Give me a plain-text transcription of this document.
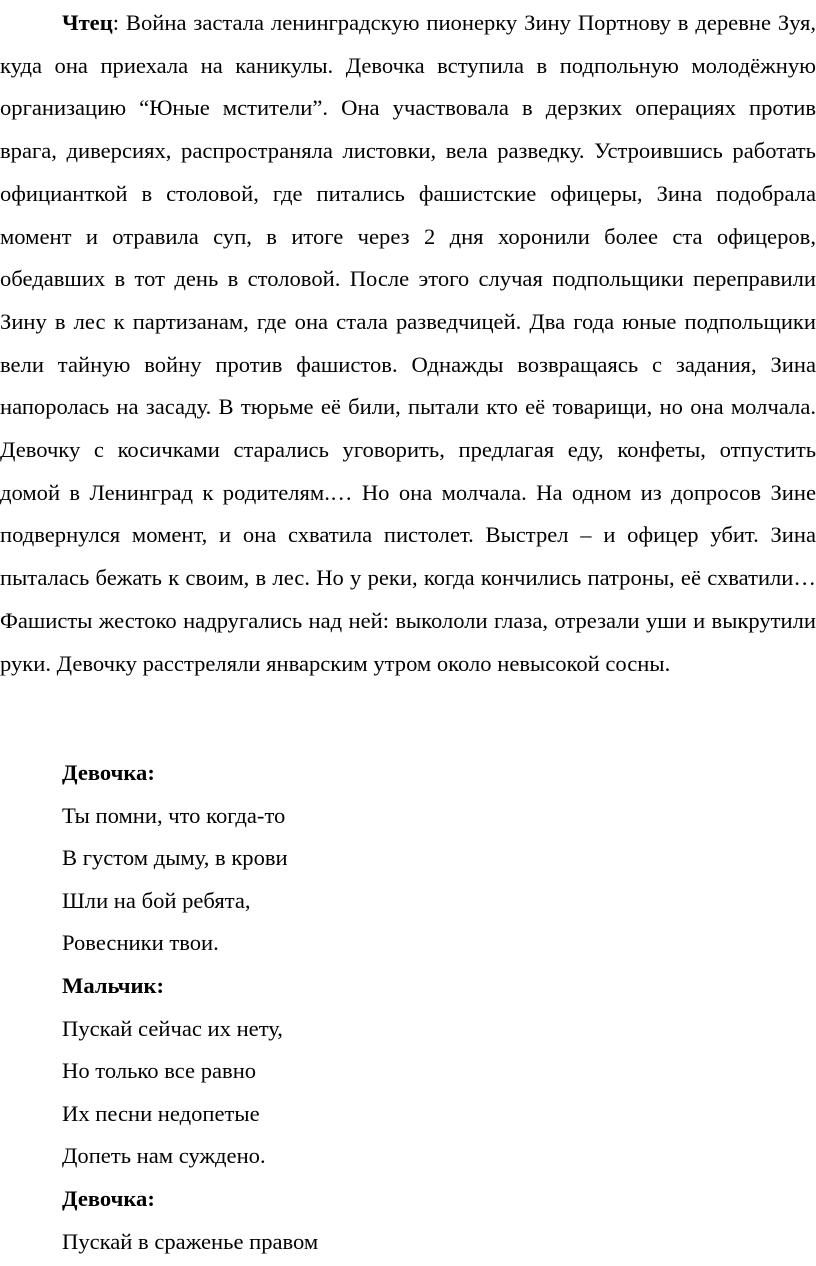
Чтец: Война застала ленинградскую пионерку Зину Портнову в деревне Зуя, куда она приехала на каникулы. Девочка вступила в подпольную молодёжную организацию “Юные мстители”. Она участвовала в дерзких операциях против врага, диверсиях, распространяла листовки, вела разведку. Устроившись работать официанткой в столовой, где питались фашистские офицеры, Зина подобрала момент и отравила суп, в итоге через 2 дня хоронили более ста офицеров, обедавших в тот день в столовой. После этого случая подпольщики переправили Зину в лес к партизанам, где она стала разведчицей. Два года юные подпольщики вели тайную войну против фашистов. Однажды возвращаясь с задания, Зина напоролась на засаду. В тюрьме её били, пытали кто её товарищи, но она молчала. Девочку с косичками старались уговорить, предлагая еду, конфеты, отпустить домой в Ленинград к родителям.… Но она молчала. На одном из допросов Зине подвернулся момент, и она схватила пистолет. Выстрел – и офицер убит. Зина пыталась бежать к своим, в лес. Но у реки, когда кончились патроны, её схватили… Фашисты жестоко надругались над ней: выкололи глаза, отрезали уши и выкрутили руки. Девочку расстреляли январским утром около невысокой сосны.

Девочка:
Ты помни, что когда-то
В густом дыму, в крови
Шли на бой ребята,
Ровесники твои.
Мальчик:
Пускай сейчас их нету,
Но только все равно
Их песни недопетые
Допеть нам суждено.
Девочка:
Пускай в сраженье правом
